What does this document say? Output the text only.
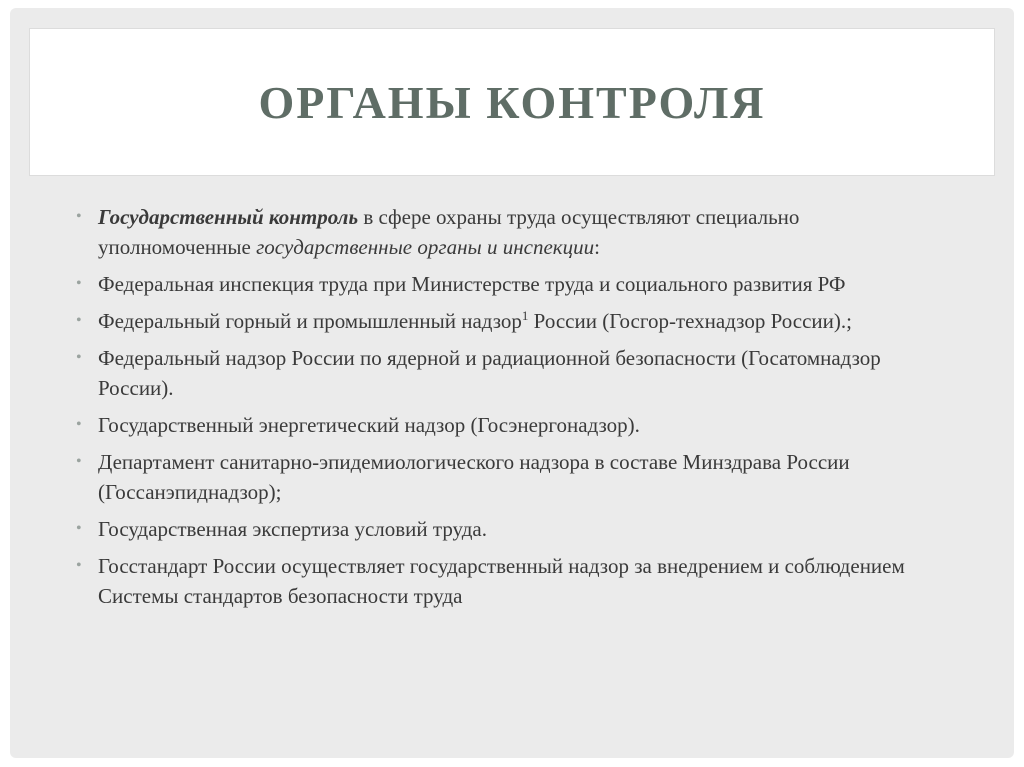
ОРГАНЫ КОНТРОЛЯ
• Государственный контроль в сфере охраны труда осуществляют специально уполномоченные государственные органы и инспекции:
• Федеральная инспекция труда при Министерстве труда и социального развития РФ
• Федеральный горный и промышленный надзор$^1$ России (Госгор-технадзор России).;
• Федеральный надзор России по ядерной и радиационной безопасности (Госатомнадзор России).
• Государственный энергетический надзор (Госэнергонадзор).
• Департамент санитарно-эпидемиологического надзора в составе Минздрава России (Госсанэпиднадзор);
• Государственная экспертиза условий труда.
• Госстандарт России осуществляет государственный надзор за внедрением и соблюдением Системы стандартов безопасности труда
